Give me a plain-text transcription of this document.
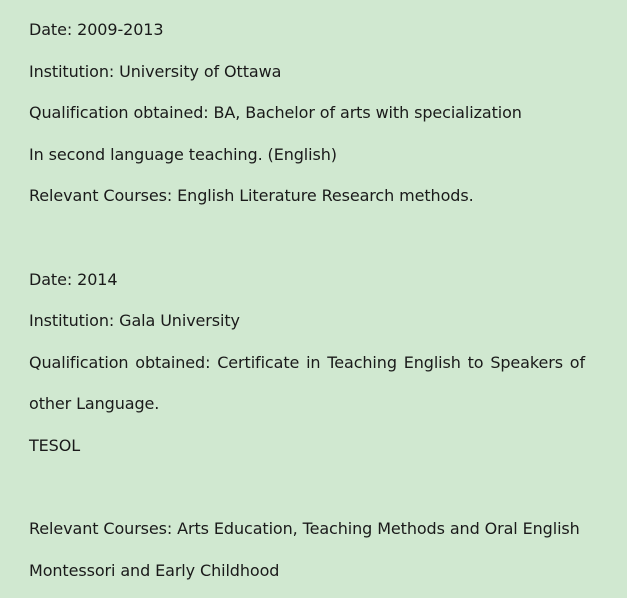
Date: 2009-2013
Institution: University of Ottawa
Qualification obtained: BA, Bachelor of arts with specialization
In second language teaching. (English)
Relevant Courses: English Literature Research methods.
Date: 2014
Institution: Gala University
Qualification obtained: Certificate in Teaching English to Speakers of
other Language.
TESOL
Relevant Courses: Arts Education, Teaching Methods and Oral English
Montessori and Early Childhood
